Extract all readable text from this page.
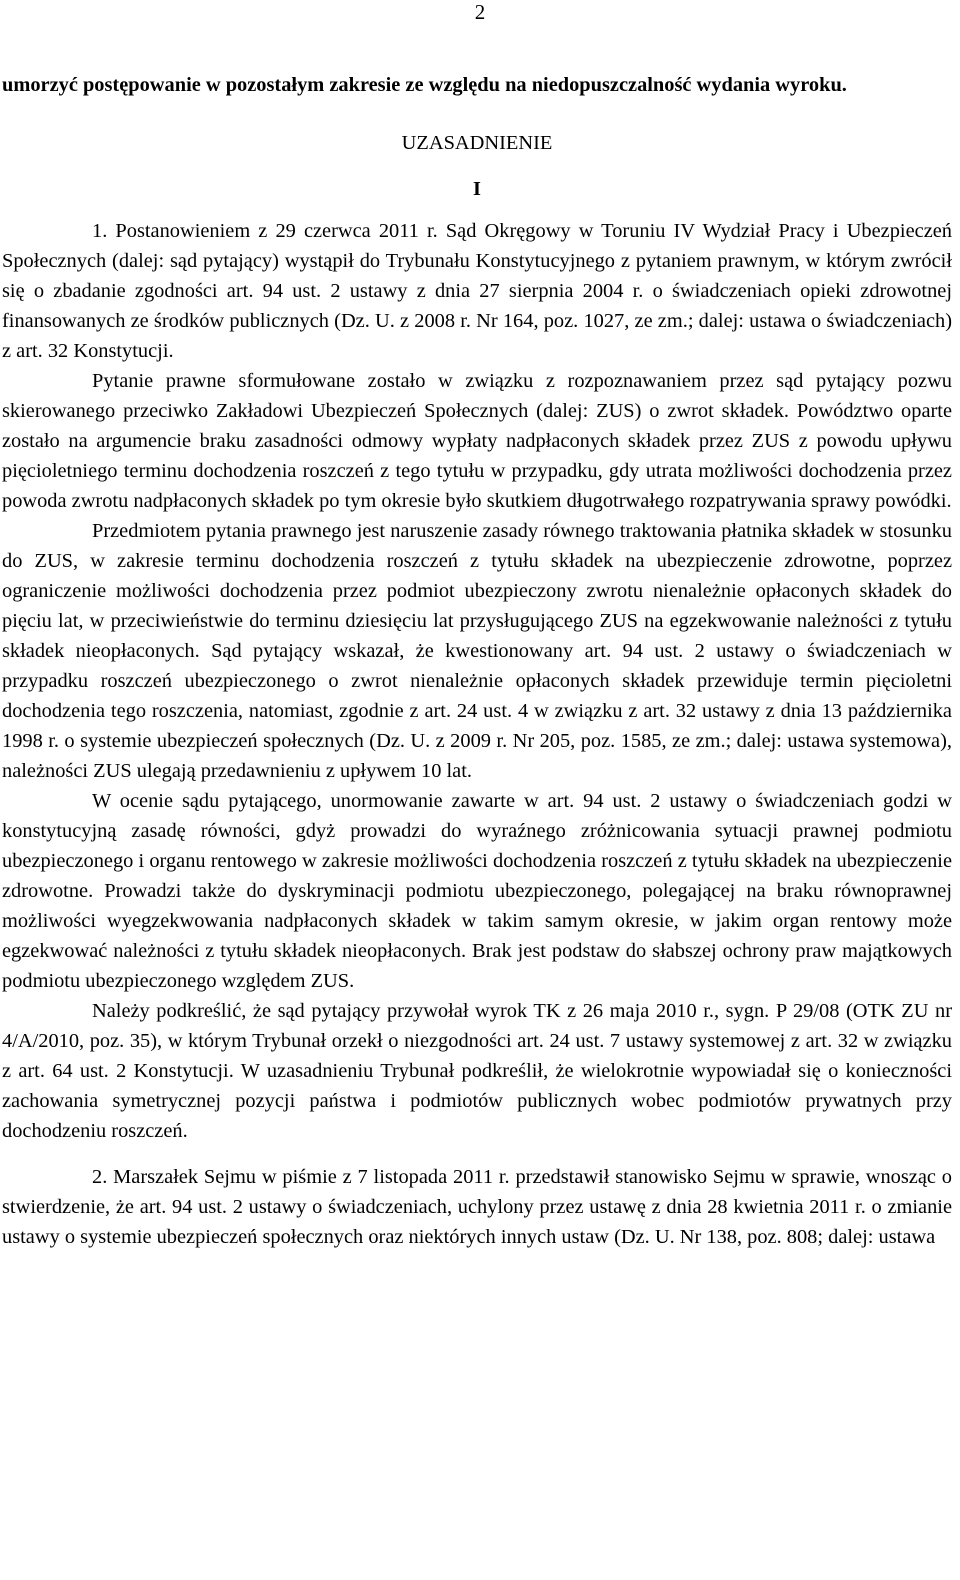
2

umorzyć postępowanie w pozostałym zakresie ze względu na niedopuszczalność wydania wyroku.

UZASADNIENIE

I

1. Postanowieniem z 29 czerwca 2011 r. Sąd Okręgowy w Toruniu IV Wydział Pracy i Ubezpieczeń Społecznych (dalej: sąd pytający) wystąpił do Trybunału Konstytucyjnego z pytaniem prawnym, w którym zwrócił się o zbadanie zgodności art. 94 ust. 2 ustawy z dnia 27 sierpnia 2004 r. o świadczeniach opieki zdrowotnej finansowanych ze środków publicznych (Dz. U. z 2008 r. Nr 164, poz. 1027, ze zm.; dalej: ustawa o świadczeniach) z art. 32 Konstytucji.

Pytanie prawne sformułowane zostało w związku z rozpoznawaniem przez sąd pytający pozwu skierowanego przeciwko Zakładowi Ubezpieczeń Społecznych (dalej: ZUS) o zwrot składek. Powództwo oparte zostało na argumencie braku zasadności odmowy wypłaty nadpłaconych składek przez ZUS z powodu upływu pięcioletniego terminu dochodzenia roszczeń z tego tytułu w przypadku, gdy utrata możliwości dochodzenia przez powoda zwrotu nadpłaconych składek po tym okresie było skutkiem długotrwałego rozpatrywania sprawy powódki.

Przedmiotem pytania prawnego jest naruszenie zasady równego traktowania płatnika składek w stosunku do ZUS, w zakresie terminu dochodzenia roszczeń z tytułu składek na ubezpieczenie zdrowotne, poprzez ograniczenie możliwości dochodzenia przez podmiot ubezpieczony zwrotu nienależnie opłaconych składek do pięciu lat, w przeciwieństwie do terminu dziesięciu lat przysługującego ZUS na egzekwowanie należności z tytułu składek nieopłaconych. Sąd pytający wskazał, że kwestionowany art. 94 ust. 2 ustawy o świadczeniach w przypadku roszczeń ubezpieczonego o zwrot nienależnie opłaconych składek przewiduje termin pięcioletni dochodzenia tego roszczenia, natomiast, zgodnie z art. 24 ust. 4 w związku z art. 32 ustawy z dnia 13 października 1998 r. o systemie ubezpieczeń społecznych (Dz. U. z 2009 r. Nr 205, poz. 1585, ze zm.; dalej: ustawa systemowa), należności ZUS ulegają przedawnieniu z upływem 10 lat.

W ocenie sądu pytającego, unormowanie zawarte w art. 94 ust. 2 ustawy o świadczeniach godzi w konstytucyjną zasadę równości, gdyż prowadzi do wyraźnego zróżnicowania sytuacji prawnej podmiotu ubezpieczonego i organu rentowego w zakresie możliwości dochodzenia roszczeń z tytułu składek na ubezpieczenie zdrowotne. Prowadzi także do dyskryminacji podmiotu ubezpieczonego, polegającej na braku równoprawnej możliwości wyegzekwowania nadpłaconych składek w takim samym okresie, w jakim organ rentowy może egzekwować należności z tytułu składek nieopłaconych. Brak jest podstaw do słabszej ochrony praw majątkowych podmiotu ubezpieczonego względem ZUS.

Należy podkreślić, że sąd pytający przywołał wyrok TK z 26 maja 2010 r., sygn. P 29/08 (OTK ZU nr 4/A/2010, poz. 35), w którym Trybunał orzekł o niezgodności art. 24 ust. 7 ustawy systemowej z art. 32 w związku z art. 64 ust. 2 Konstytucji. W uzasadnieniu Trybunał podkreślił, że wielokrotnie wypowiadał się o konieczności zachowania symetrycznej pozycji państwa i podmiotów publicznych wobec podmiotów prywatnych przy dochodzeniu roszczeń.

2. Marszałek Sejmu w piśmie z 7 listopada 2011 r. przedstawił stanowisko Sejmu w sprawie, wnosząc o stwierdzenie, że art. 94 ust. 2 ustawy o świadczeniach, uchylony przez ustawę z dnia 28 kwietnia 2011 r. o zmianie ustawy o systemie ubezpieczeń społecznych oraz niektórych innych ustaw (Dz. U. Nr 138, poz. 808; dalej: ustawa
